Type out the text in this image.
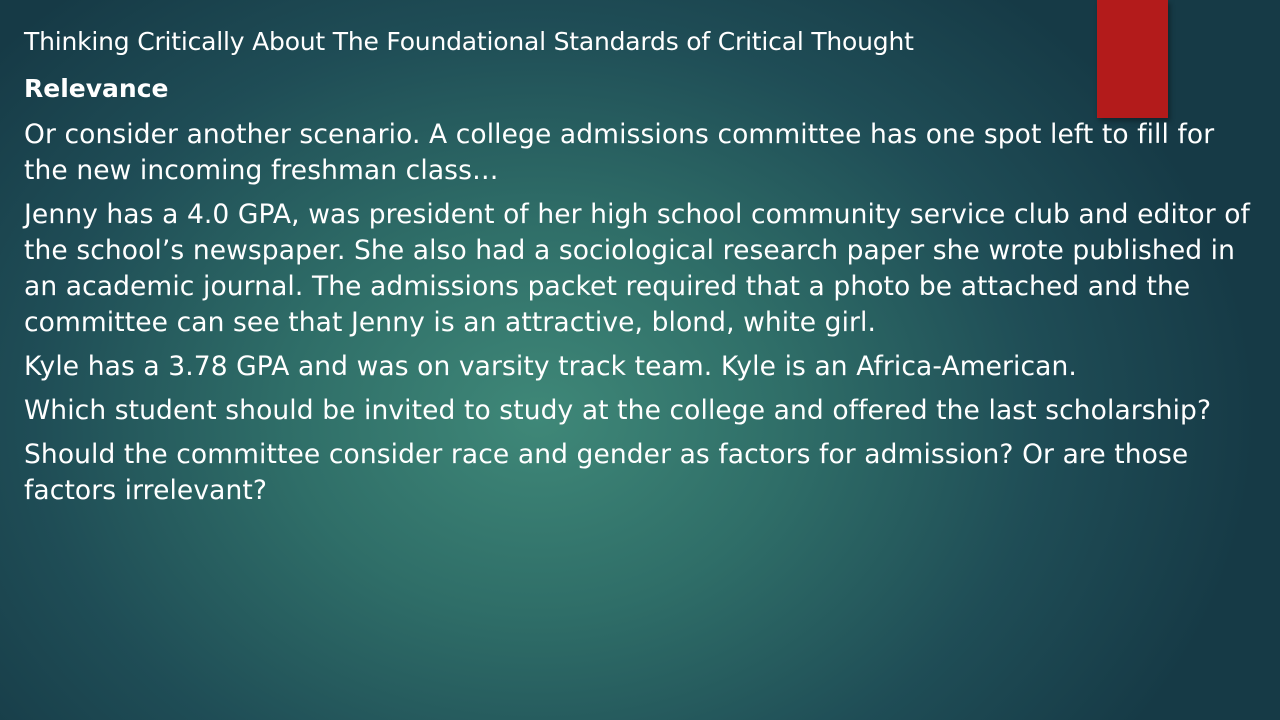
Thinking Critically About The Foundational Standards of Critical Thought
Relevance
Or consider another scenario. A college admissions committee has one spot left to fill for the new incoming freshman class…
Jenny has a 4.0 GPA, was president of her high school community service club and editor of the school’s newspaper. She also had a sociological research paper she wrote published in an academic journal. The admissions packet required that a photo be attached and the committee can see that Jenny is an attractive, blond, white girl.
Kyle has a 3.78 GPA and was on varsity track team. Kyle is an Africa-American.
Which student should be invited to study at the college and offered the last scholarship?
Should the committee consider race and gender as factors for admission? Or are those factors irrelevant?
